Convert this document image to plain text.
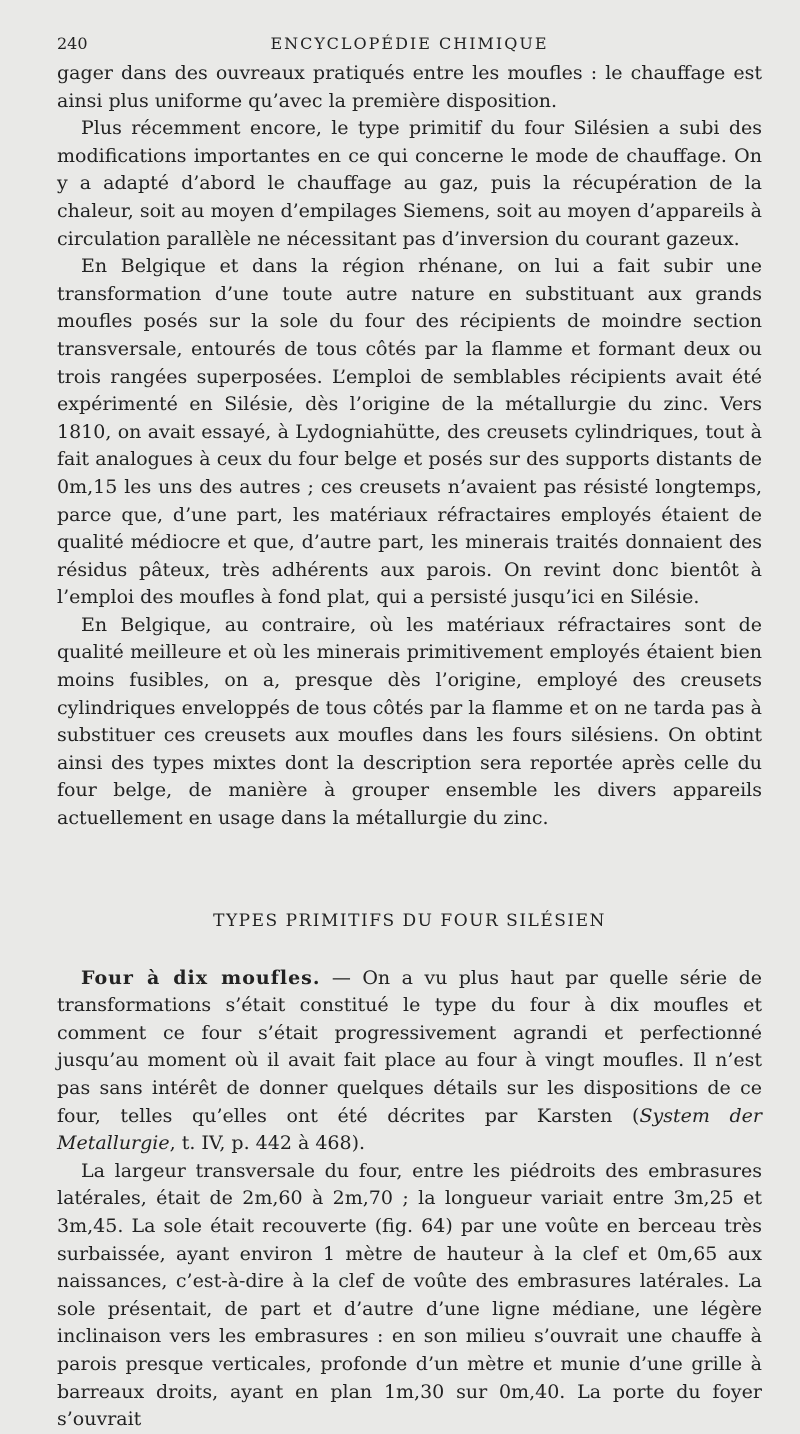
240	ENCYCLOPÉDIE CHIMIQUE

gager dans des ouvreaux pratiqués entre les moufles : le chauffage est ainsi plus uniforme qu’avec la première disposition.

Plus récemment encore, le type primitif du four Silésien a subi des modifications importantes en ce qui concerne le mode de chauffage. On y a adapté d’abord le chauffage au gaz, puis la récupération de la chaleur, soit au moyen d’empilages Siemens, soit au moyen d’appareils à circulation parallèle ne nécessitant pas d’inversion du courant gazeux.

En Belgique et dans la région rhénane, on lui a fait subir une transformation d’une toute autre nature en substituant aux grands moufles posés sur la sole du four des récipients de moindre section transversale, entourés de tous côtés par la flamme et formant deux ou trois rangées superposées. L’emploi de semblables récipients avait été expérimenté en Silésie, dès l’origine de la métallurgie du zinc. Vers 1810, on avait essayé, à Lydogniahütte, des creusets cylindriques, tout à fait analogues à ceux du four belge et posés sur des supports distants de 0m,15 les uns des autres ; ces creusets n’avaient pas résisté longtemps, parce que, d’une part, les matériaux réfractaires employés étaient de qualité médiocre et que, d’autre part, les minerais traités donnaient des résidus pâteux, très adhérents aux parois. On revint donc bientôt à l’emploi des moufles à fond plat, qui a persisté jusqu’ici en Silésie.

En Belgique, au contraire, où les matériaux réfractaires sont de qualité meilleure et où les minerais primitivement employés étaient bien moins fusibles, on a, presque dès l’origine, employé des creusets cylindriques enveloppés de tous côtés par la flamme et on ne tarda pas à substituer ces creusets aux moufles dans les fours silésiens. On obtint ainsi des types mixtes dont la description sera reportée après celle du four belge, de manière à grouper ensemble les divers appareils actuellement en usage dans la métallurgie du zinc.

TYPES PRIMITIFS DU FOUR SILÉSIEN

Four à dix moufles. — On a vu plus haut par quelle série de transformations s’était constitué le type du four à dix moufles et comment ce four s’était progressivement agrandi et perfectionné jusqu’au moment où il avait fait place au four à vingt moufles. Il n’est pas sans intérêt de donner quelques détails sur les dispositions de ce four, telles qu’elles ont été décrites par Karsten (System der Metallurgie, t. IV, p. 442 à 468).

La largeur transversale du four, entre les piédroits des embrasures latérales, était de 2m,60 à 2m,70 ; la longueur variait entre 3m,25 et 3m,45. La sole était recouverte (fig. 64) par une voûte en berceau très surbaissée, ayant environ 1 mètre de hauteur à la clef et 0m,65 aux naissances, c’est-à-dire à la clef de voûte des embrasures latérales. La sole présentait, de part et d’autre d’une ligne médiane, une légère inclinaison vers les embrasures : en son milieu s’ouvrait une chauffe à parois presque verticales, profonde d’un mètre et munie d’une grille à barreaux droits, ayant en plan 1m,30 sur 0m,40. La porte du foyer s’ouvrait
